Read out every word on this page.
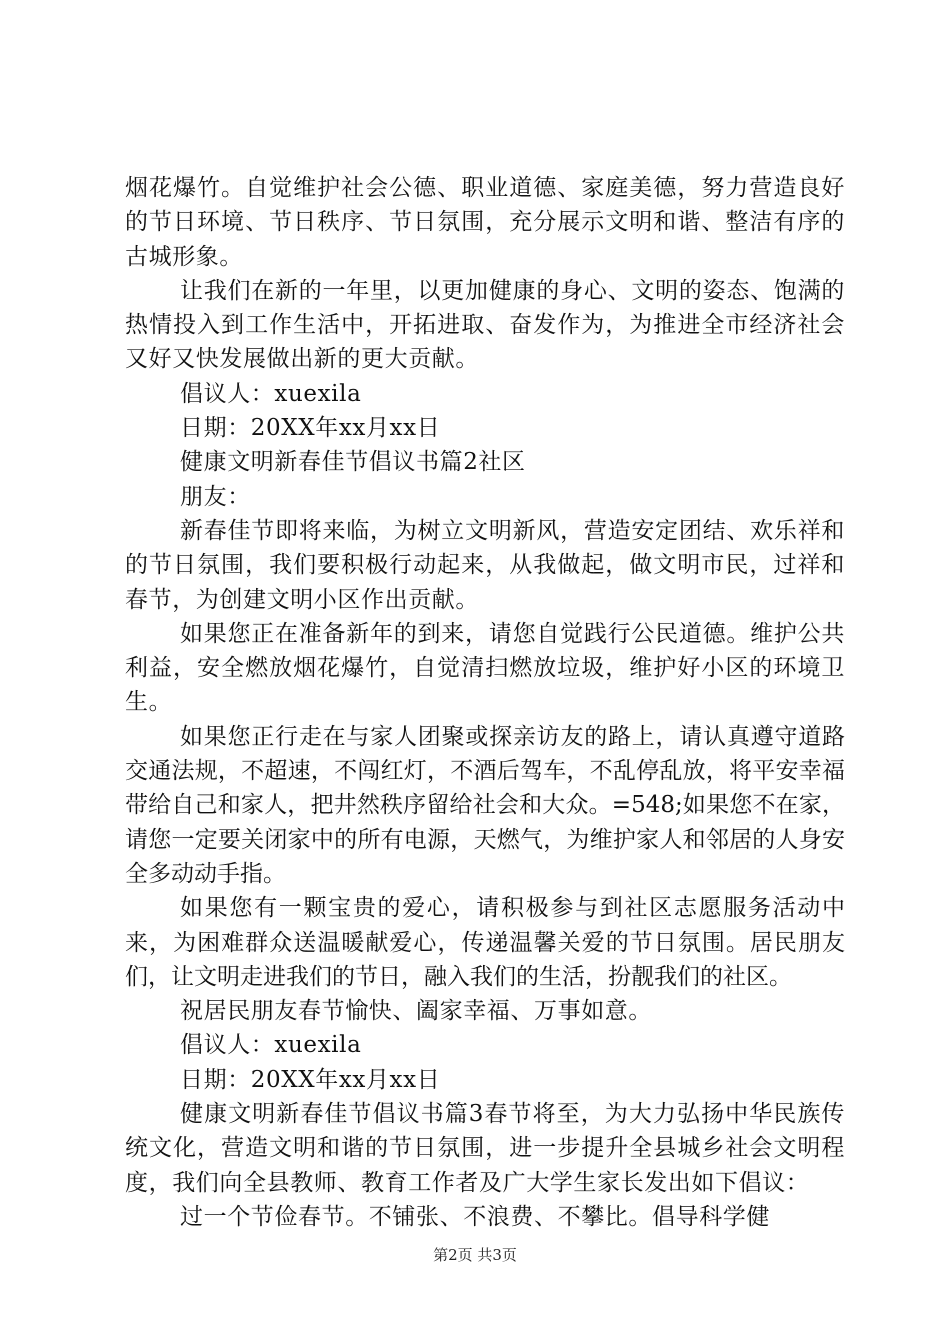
烟花爆竹。自觉维护社会公德、职业道德、家庭美德，努力营造良好的节日环境、节日秩序、节日氛围，充分展示文明和谐、整洁有序的古城形象。

让我们在新的一年里，以更加健康的身心、文明的姿态、饱满的热情投入到工作生活中，开拓进取、奋发作为，为推进全市经济社会又好又快发展做出新的更大贡献。

倡议人：xuexila

日期：20XX年xx月xx日

健康文明新春佳节倡议书篇2社区

朋友：

新春佳节即将来临，为树立文明新风，营造安定团结、欢乐祥和的节日氛围，我们要积极行动起来，从我做起，做文明市民，过祥和春节，为创建文明小区作出贡献。

如果您正在准备新年的到来，请您自觉践行公民道德。维护公共利益，安全燃放烟花爆竹，自觉清扫燃放垃圾，维护好小区的环境卫生。

如果您正行走在与家人团聚或探亲访友的路上，请认真遵守道路交通法规，不超速，不闯红灯，不酒后驾车，不乱停乱放，将平安幸福带给自己和家人，把井然秩序留给社会和大众。=548;如果您不在家，请您一定要关闭家中的所有电源，天燃气，为维护家人和邻居的人身安全多动动手指。

如果您有一颗宝贵的爱心，请积极参与到社区志愿服务活动中来，为困难群众送温暖献爱心，传递温馨关爱的节日氛围。居民朋友们，让文明走进我们的节日，融入我们的生活，扮靓我们的社区。

祝居民朋友春节愉快、阖家幸福、万事如意。

倡议人：xuexila

日期：20XX年xx月xx日

健康文明新春佳节倡议书篇3春节将至，为大力弘扬中华民族传统文化，营造文明和谐的节日氛围，进一步提升全县城乡社会文明程度，我们向全县教师、教育工作者及广大学生家长发出如下倡议：

过一个节俭春节。不铺张、不浪费、不攀比。倡导科学健

第2页 共3页
